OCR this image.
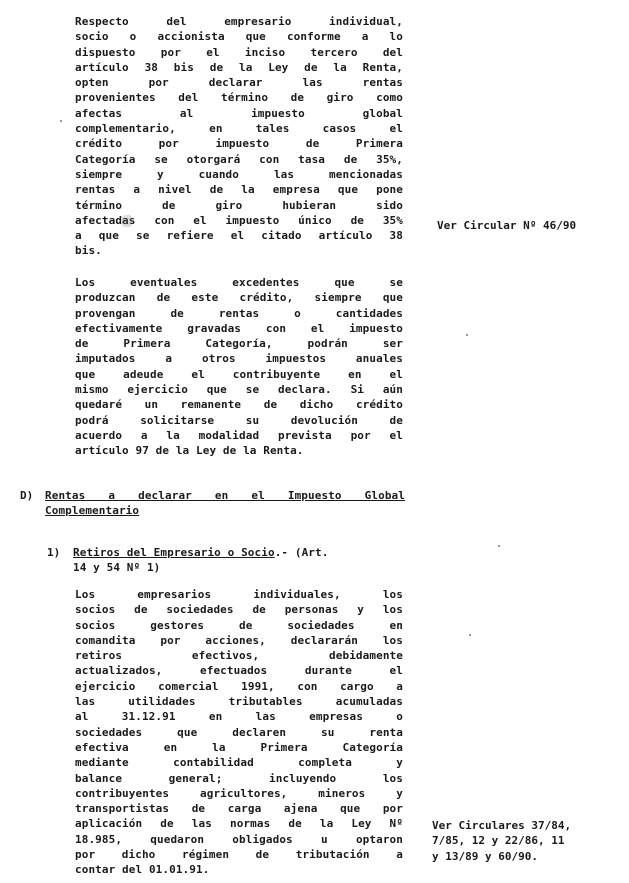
Respecto del empresario individual,
socio o accionista que conforme a lo
dispuesto por el inciso tercero del
artículo 38 bis de la Ley de la Renta,
opten por declarar las rentas
provenientes del término de giro como
afectas al impuesto global
complementario, en tales casos el
crédito por impuesto de Primera
Categoría se otorgará con tasa de 35%,
siempre y cuando las mencionadas
rentas a nivel de la empresa que pone
término de giro hubieran sido
afectadas con el impuesto único de 35%
a que se refiere el citado artículo 38
bis.
Ver Circular Nº 46/90
Los eventuales excedentes que se
produzcan de este crédito, siempre que
provengan de rentas o cantidades
efectivamente gravadas con el impuesto
de Primera Categoría, podrán ser
imputados a otros impuestos anuales
que adeude el contribuyente en el
mismo ejercicio que se declara. Si aún
quedaré un remanente de dicho crédito
podrá solicitarse su devolución de
acuerdo a la modalidad prevista por el
artículo 97 de la Ley de la Renta.
D) Rentas a declarar en el Impuesto Global
Complementario
1) Retiros del Empresario o Socio.- (Art.
14 y 54 Nº 1)
Los empresarios individuales, los
socios de sociedades de personas y los
socios gestores de sociedades en
comandita por acciones, declararán los
retiros efectivos, debidamente
actualizados, efectuados durante el
ejercicio comercial 1991, con cargo a
las utilidades tributables acumuladas
al 31.12.91 en las empresas o
sociedades que declaren su renta
efectiva en la Primera Categoría
mediante contabilidad completa y
balance general; incluyendo los
contribuyentes agricultores, mineros y
transportistas de carga ajena que por
aplicación de las normas de la Ley Nº
18.985, quedaron obligados u optaron
por dicho régimen de tributación a
contar del 01.01.91.
Ver Circulares 37/84,
7/85, 12 y 22/86, 11
y 13/89 y 60/90.
